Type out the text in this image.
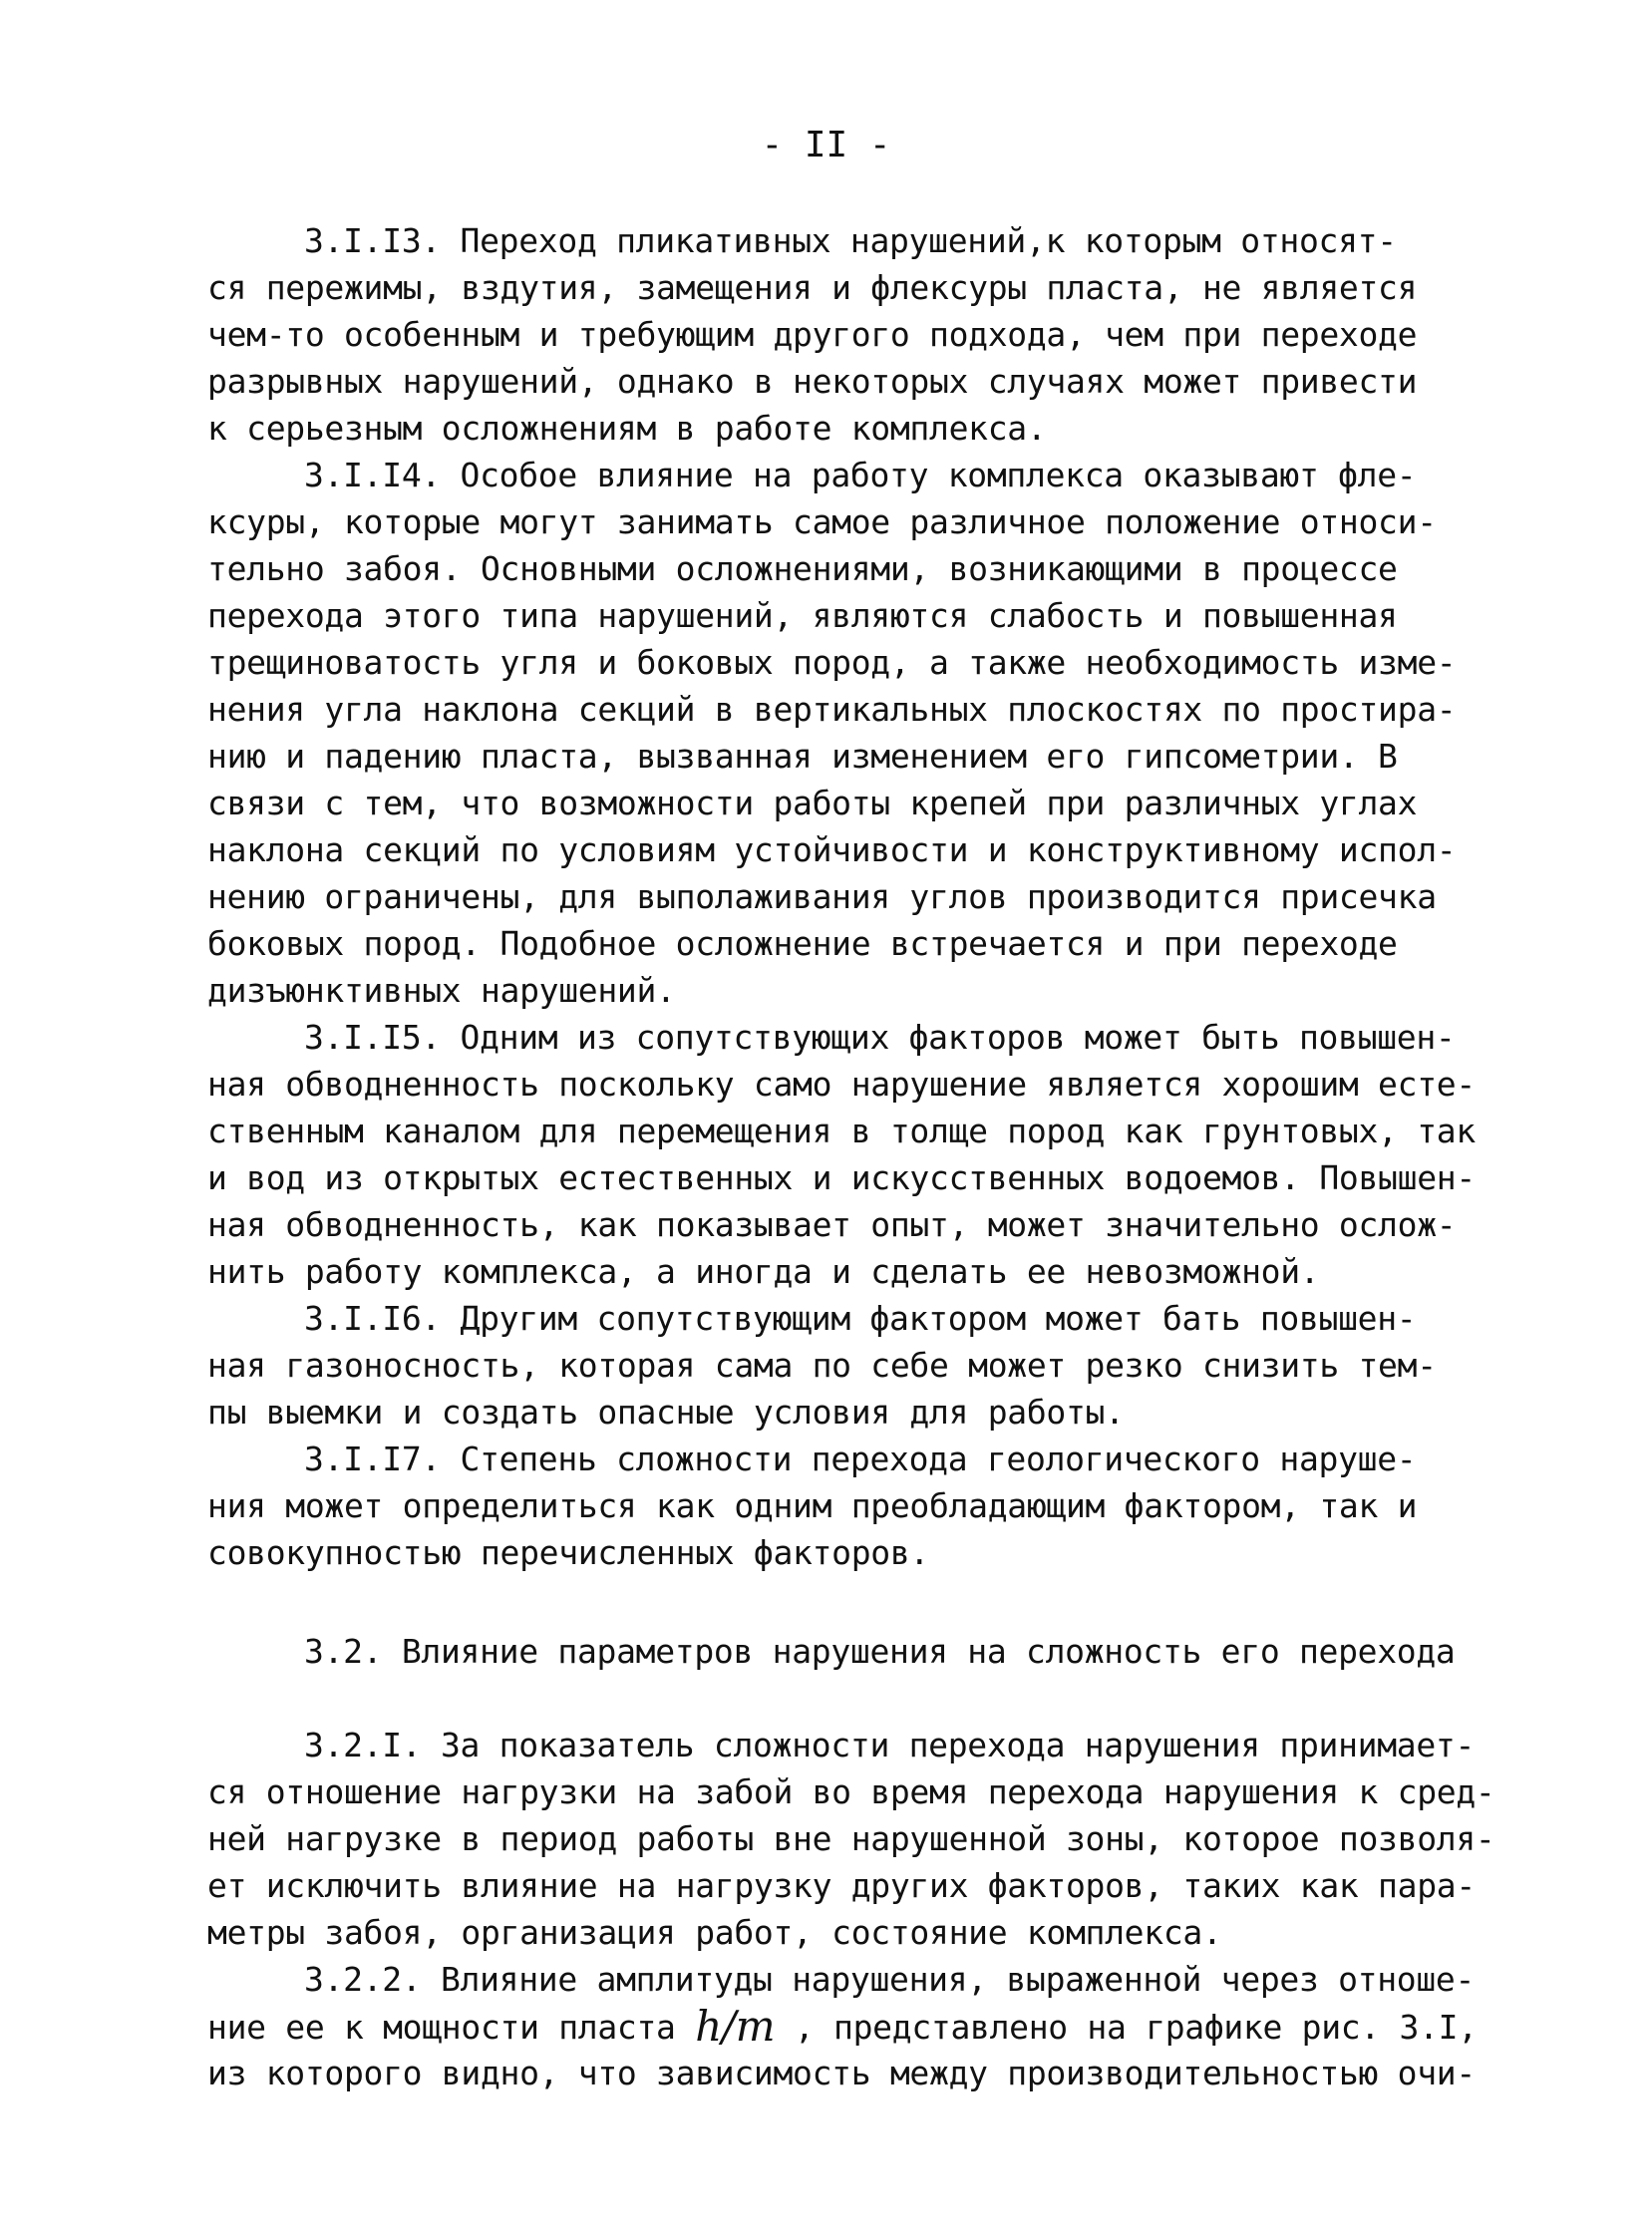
- II -
3.I.I3. Переход пликативных нарушений,к которым относят-
ся пережимы, вздутия, замещения и флексуры пласта, не является
чем-то особенным и требующим другого подхода, чем при переходе
разрывных нарушений, однако в некоторых случаях может привести
к серьезным осложнениям в работе комплекса.
3.I.I4. Особое влияние на работу комплекса оказывают фле-
ксуры, которые могут занимать самое различное положение относи-
тельно забоя. Основными осложнениями, возникающими в процессе
перехода этого типа нарушений, являются слабость и повышенная
трещиноватость угля и боковых пород, а также необходимость изме-
нения угла наклона секций в вертикальных плоскостях по простира-
нию и падению пласта, вызванная изменением его гипсометрии. В
связи с тем, что возможности работы крепей при различных углах
наклона секций по условиям устойчивости и конструктивному испол-
нению ограничены, для выполаживания углов производится присечка
боковых пород. Подобное осложнение встречается и при переходе
дизъюнктивных нарушений.
3.I.I5. Одним из сопутствующих факторов может быть повышен-
ная обводненность поскольку само нарушение является хорошим есте-
ственным каналом для перемещения в толще пород как грунтовых, так
и вод из открытых естественных и искусственных водоемов. Повышен-
ная обводненность, как показывает опыт, может значительно ослож-
нить работу комплекса, а иногда и сделать ее невозможной.
3.I.I6. Другим сопутствующим фактором может бать повышен-
ная газоносность, которая сама по себе может резко снизить тем-
пы выемки и создать опасные условия для работы.
3.I.I7. Степень сложности перехода геологического наруше-
ния может определиться как одним преобладающим фактором, так и
совокупностью перечисленных факторов.
3.2. Влияние параметров нарушения на сложность его перехода
3.2.I. За показатель сложности перехода нарушения принимает-
ся отношение нагрузки на забой во время перехода нарушения к сред-
ней нагрузке в период работы вне нарушенной зоны, которое позволя-
ет исключить влияние на нагрузку других факторов, таких как пара-
метры забоя, организация работ, состояние комплекса.
3.2.2. Влияние амплитуды нарушения, выраженной через отноше-
ние ее к мощности пласта h/m , представлено на графике рис. 3.I,
из которого видно, что зависимость между производительностью очи-
